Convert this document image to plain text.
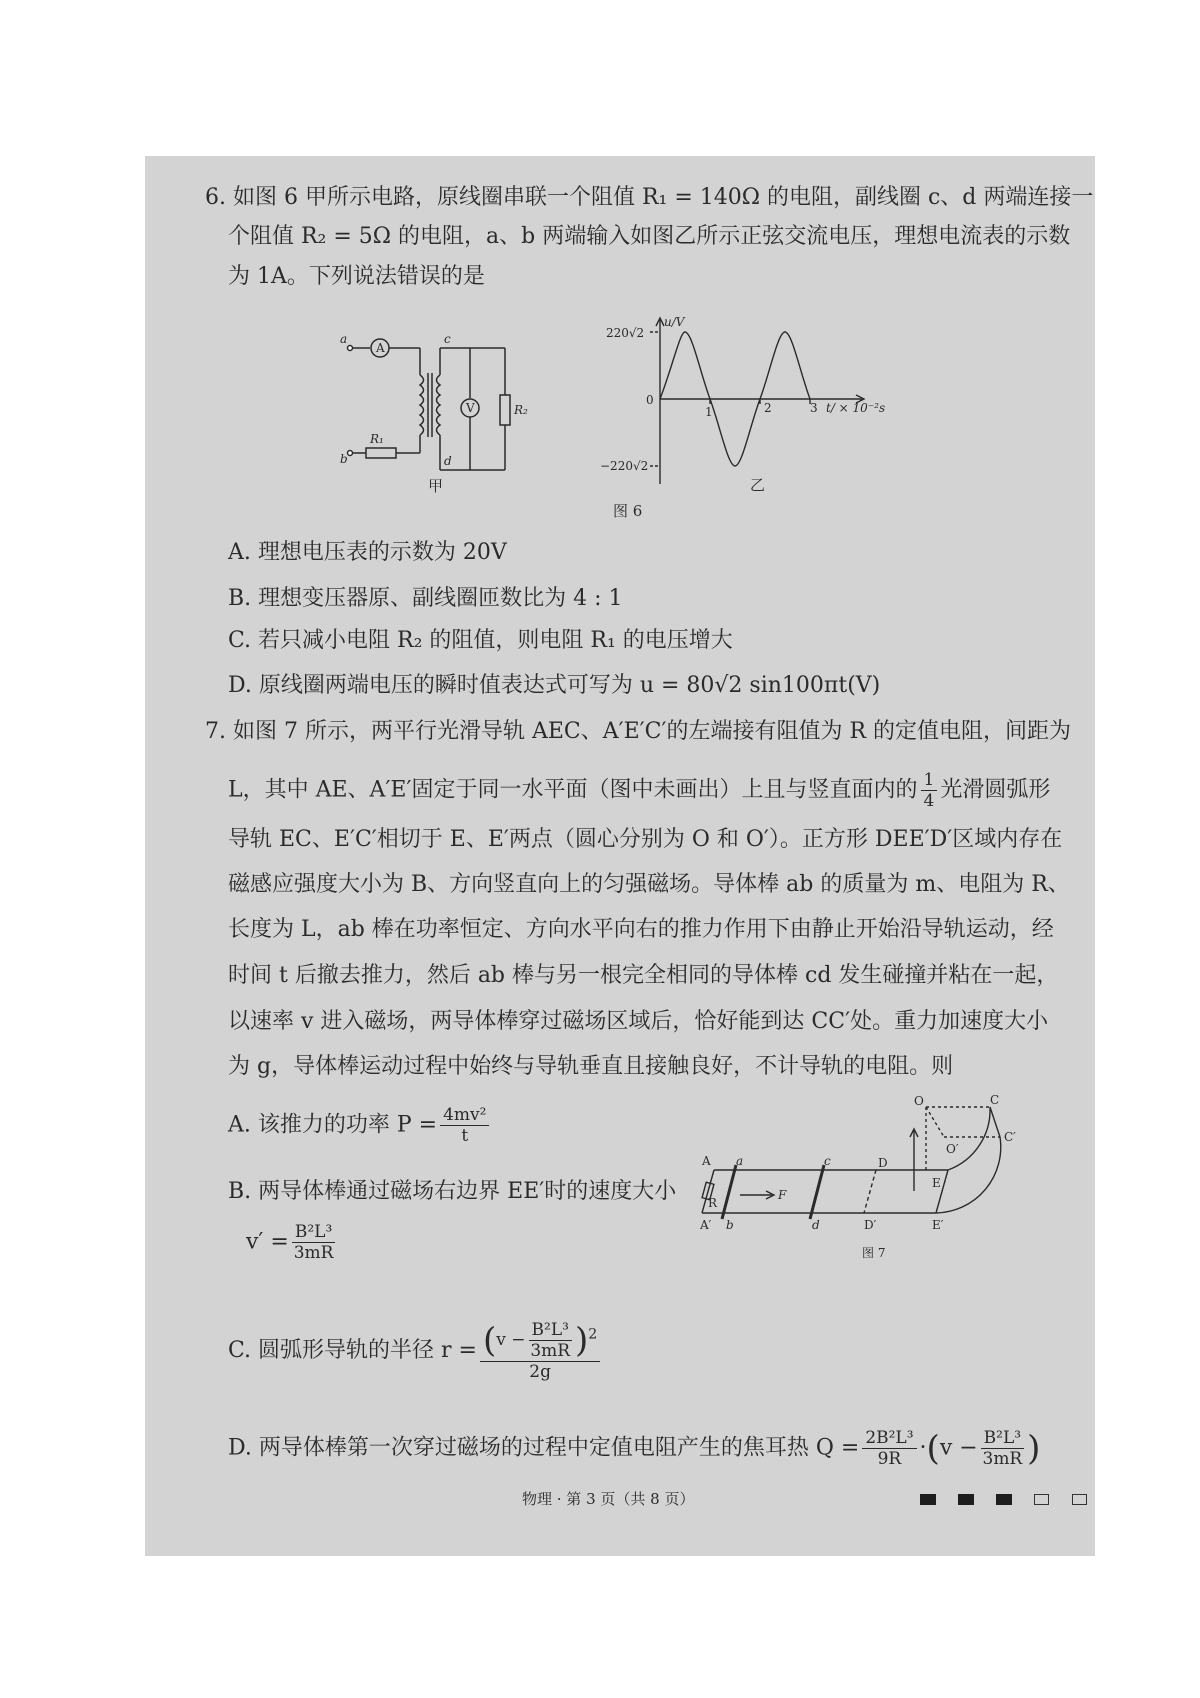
6. 如图 6 甲所示电路，原线圈串联一个阻值 R₁ = 140Ω 的电阻，副线圈 c、d 两端连接一
个阻值 R₂ = 5Ω 的电阻，a、b 两端输入如图乙所示正弦交流电压，理想电流表的示数
为 1A。下列说法错误的是
a
b
c
d
A
V
R₁
R₂
甲
u/V
220√2
−220√2
0
1	2	3 t/ × 10⁻²s
乙
图 6
A. 理想电压表的示数为 20V
B. 理想变压器原、副线圈匝数比为 4 : 1
C. 若只减小电阻 R₂ 的阻值，则电阻 R₁ 的电压增大
D. 原线圈两端电压的瞬时值表达式可写为 u = 80√2 sin100πt(V)
7. 如图 7 所示，两平行光滑导轨 AEC、A′E′C′的左端接有阻值为 R 的定值电阻，间距为
L，其中 AE、A′E′固定于同一水平面（图中未画出）上且与竖直面内的 $\frac{1}{4}$ 光滑圆弧形
导轨 EC、E′C′相切于 E、E′两点（圆心分别为 O 和 O′）。正方形 DEE′D′区域内存在
磁感应强度大小为 B、方向竖直向上的匀强磁场。导体棒 ab 的质量为 m、电阻为 R、
长度为 L，ab 棒在功率恒定、方向水平向右的推力作用下由静止开始沿导轨运动，经
时间 t 后撤去推力，然后 ab 棒与另一根完全相同的导体棒 cd 发生碰撞并粘在一起，
以速率 v 进入磁场，两导体棒穿过磁场区域后，恰好能到达 CC′处。重力加速度大小
为 g，导体棒运动过程中始终与导轨垂直且接触良好，不计导轨的电阻。则
A. 该推力的功率 $P = \frac{\text{4mv²}}{t}$
B. 两导体棒通过磁场右边界 EE′时的速度大小
$v' = \frac{\text{B²L³}}{3mR}$
C. 圆弧形导轨的半径 $r = \frac{(v - \frac{\text{B²L³}}{3mR} )^2}{2g}$
D. 两导体棒第一次穿过磁场的过程中定值电阻产生的焦耳热 $Q = \frac{\text{2B²L³}}{9R} \cdot(v - \frac{\text{B²L³}}{3mR}$ )
A
A′
a
b
c
d
D
D′
E
E′
O
O′
C
C′
R
F
图 7
物理 · 第 3 页（共 8 页）
